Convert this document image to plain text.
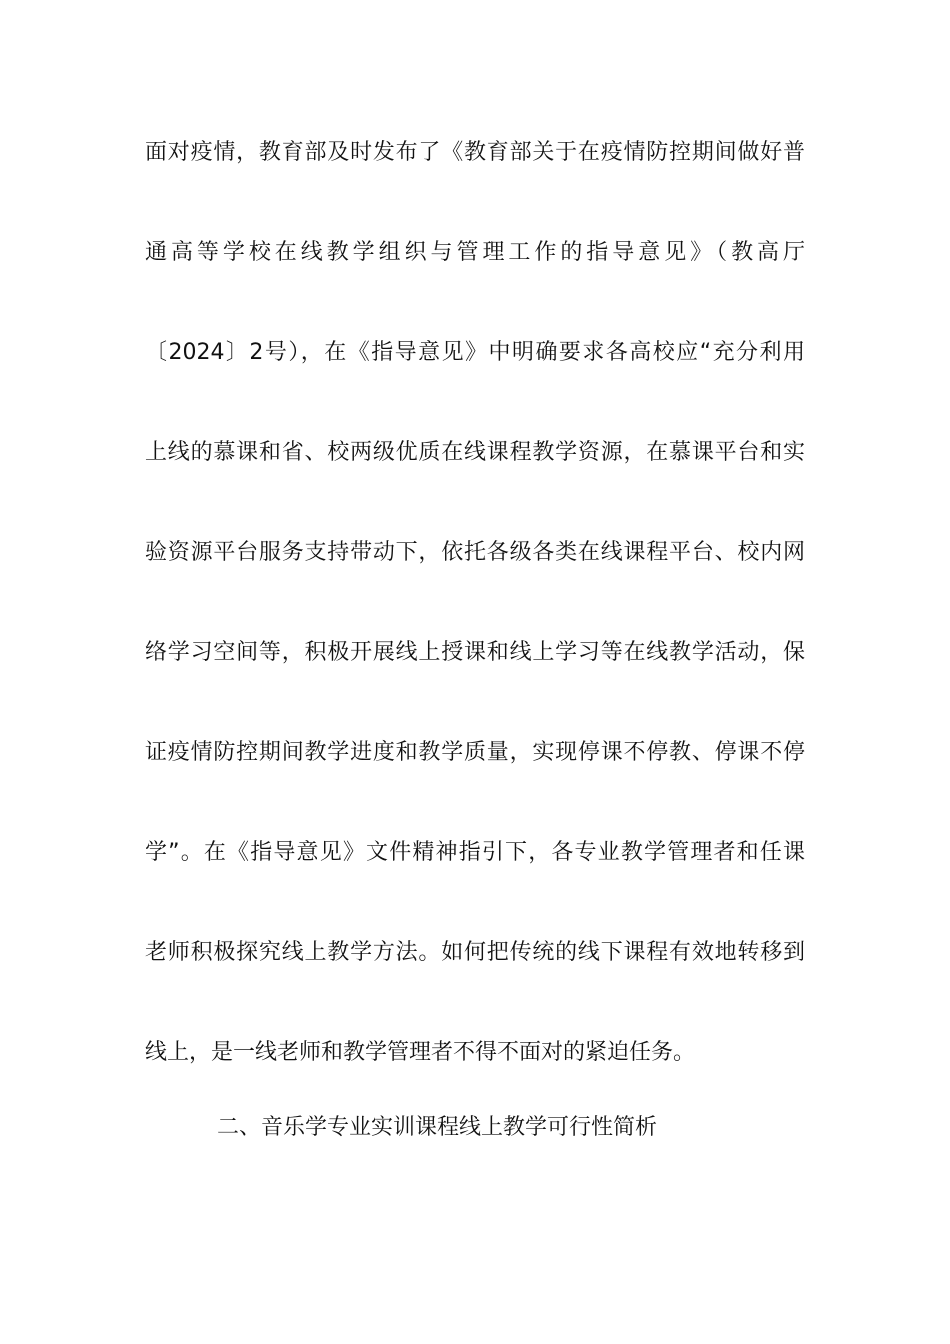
面对疫情，教育部及时发布了《教育部关于在疫情防控期间做好普
通高等学校在线教学组织与管理工作的指导意见》（教高厅
〔2024〕2号），在《指导意见》中明确要求各高校应“充分利用
上线的慕课和省、校两级优质在线课程教学资源，在慕课平台和实
验资源平台服务支持带动下，依托各级各类在线课程平台、校内网
络学习空间等，积极开展线上授课和线上学习等在线教学活动，保
证疫情防控期间教学进度和教学质量，实现停课不停教、停课不停
学”。在《指导意见》文件精神指引下，各专业教学管理者和任课
老师积极探究线上教学方法。如何把传统的线下课程有效地转移到
线上，是一线老师和教学管理者不得不面对的紧迫任务。
二、音乐学专业实训课程线上教学可行性简析
